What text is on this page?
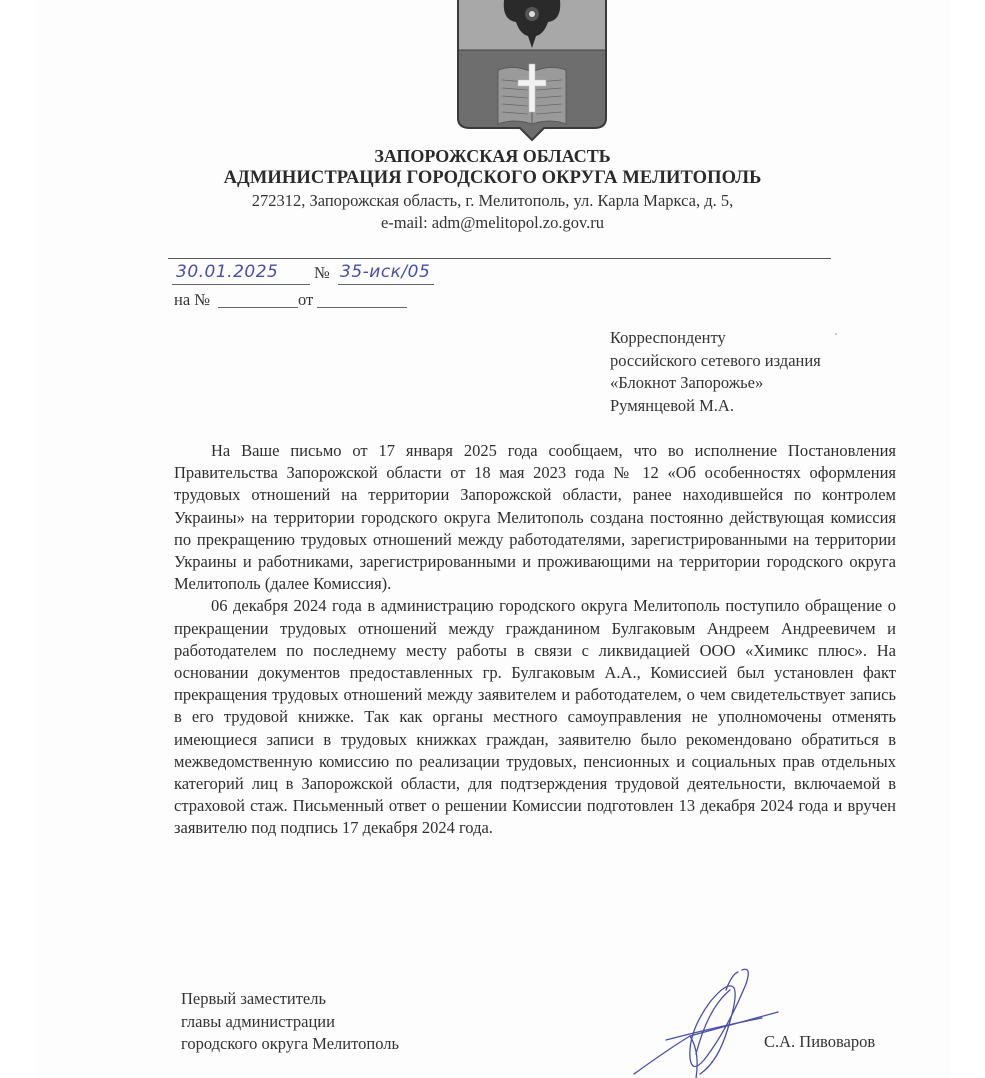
ЗАПОРОЖСКАЯ ОБЛАСТЬ
АДМИНИСТРАЦИЯ ГОРОДСКОГО ОКРУГА МЕЛИТОПОЛЬ
272312, Запорожская область, г. Мелитополь, ул. Карла Маркса, д. 5,
e-mail: adm@melitopol.zo.gov.ru
30.01.2025 № 35-иск/05
на №	от
Корреспонденту
российского сетевого издания
«Блокнот Запорожье»
Румянцевой М.А.

На Ваше письмо от 17 января 2025 года сообщаем, что во исполнение Постановления Правительства Запорожской области от 18 мая 2023 года № 12 «Об особенностях оформления трудовых отношений на территории Запорожской области, ранее находившейся по контролем Украины» на территории городского округа Мелитополь создана постоянно действующая комиссия по прекращению трудовых отношений между работодателями, зарегистрированными на территории Украины и работниками, зарегистрированными и проживающими на территории городского округа Мелитополь (далее Комиссия).

06 декабря 2024 года в администрацию городского округа Мелитополь поступило обращение о прекращении трудовых отношений между гражданином Булгаковым Андреем Андреевичем и работодателем по последнему месту работы в связи с ликвидацией ООО «Химикс плюс». На основании документов предоставленных гр. Булгаковым А.А., Комиссией был установлен факт прекращения трудовых отношений между заявителем и работодателем, о чем свидетельствует запись в его трудовой книжке. Так как органы местного самоуправления не уполномочены отменять имеющиеся записи в трудовых книжках граждан, заявителю было рекомендовано обратиться в межведомственную комиссию по реализации трудовых, пенсионных и социальных прав отдельных категорий лиц в Запорожской области, для подтзерждения трудовой деятельности, включаемой в страховой стаж. Письменный ответ о решении Комиссии подготовлен 13 декабря 2024 года и вручен заявителю под подпись 17 декабря 2024 года.

Первый заместитель
главы администрации
городского округа Мелитополь	С.А. Пивоваров
